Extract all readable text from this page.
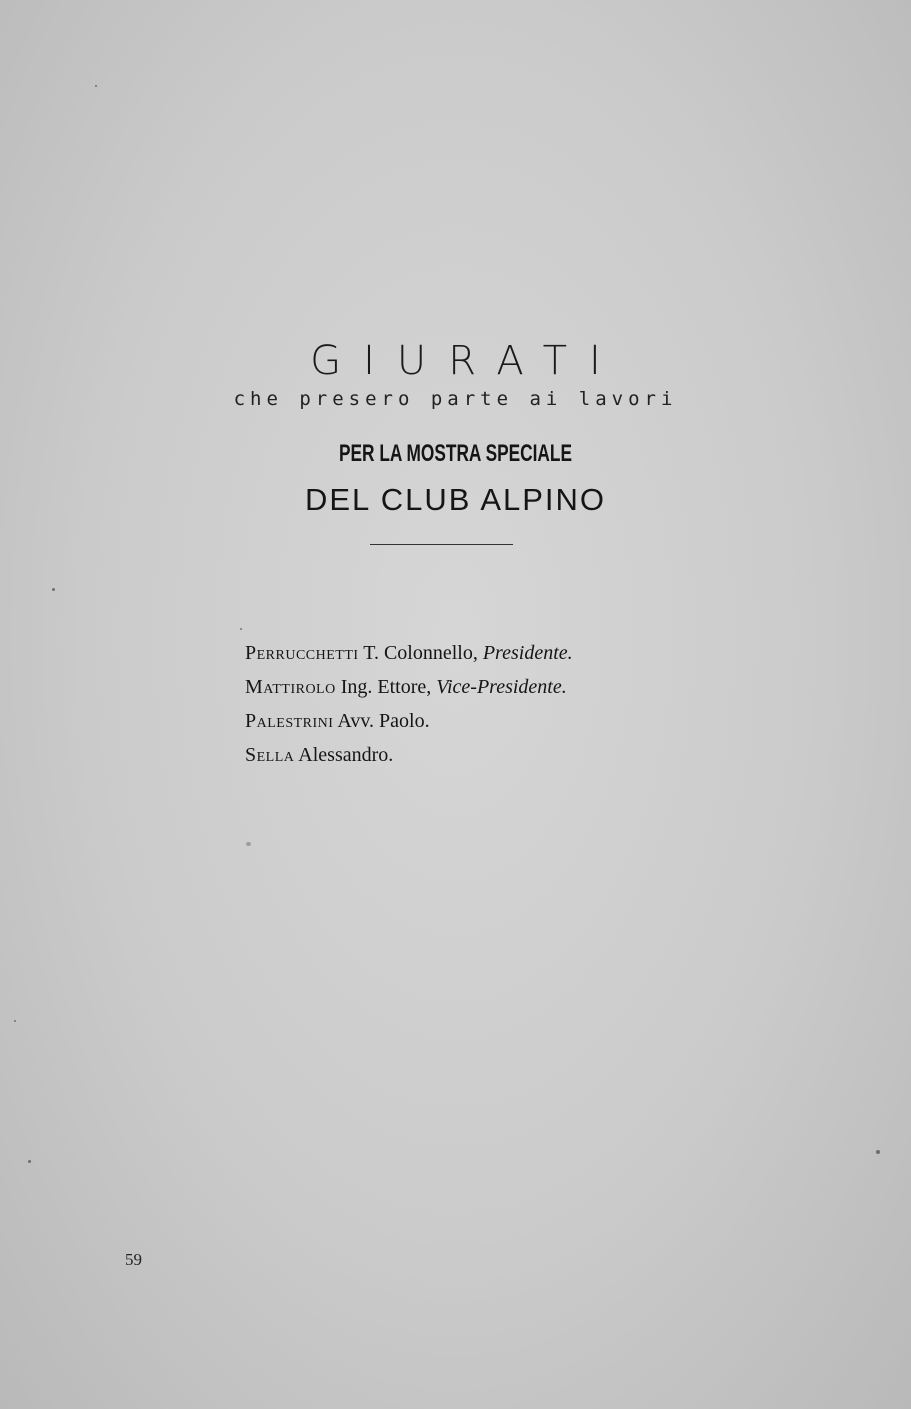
GIURATI
che presero parte ai lavori
PER LA MOSTRA SPECIALE
DEL CLUB ALPINO
Perrucchetti T. Colonnello, Presidente.
Mattirolo Ing. Ettore, Vice-Presidente.
Palestrini Avv. Paolo.
Sella Alessandro.
59
